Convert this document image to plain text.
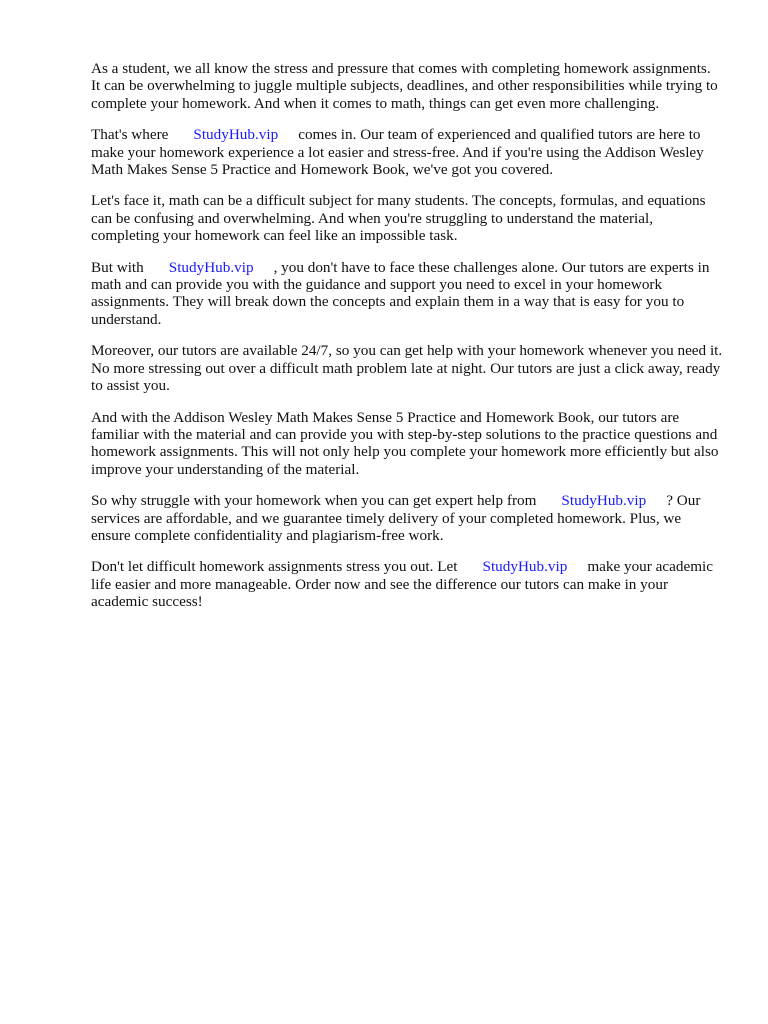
As a student, we all know the stress and pressure that comes with completing homework assignments. It can be overwhelming to juggle multiple subjects, deadlines, and other responsibilities while trying to complete your homework. And when it comes to math, things can get even more challenging.

That's where StudyHub.vip comes in. Our team of experienced and qualified tutors are here to make your homework experience a lot easier and stress-free. And if you're using the Addison Wesley Math Makes Sense 5 Practice and Homework Book, we've got you covered.

Let's face it, math can be a difficult subject for many students. The concepts, formulas, and equations can be confusing and overwhelming. And when you're struggling to understand the material, completing your homework can feel like an impossible task.

But with StudyHub.vip , you don't have to face these challenges alone. Our tutors are experts in math and can provide you with the guidance and support you need to excel in your homework assignments. They will break down the concepts and explain them in a way that is easy for you to understand.

Moreover, our tutors are available 24/7, so you can get help with your homework whenever you need it. No more stressing out over a difficult math problem late at night. Our tutors are just a click away, ready to assist you.

And with the Addison Wesley Math Makes Sense 5 Practice and Homework Book, our tutors are familiar with the material and can provide you with step-by-step solutions to the practice questions and homework assignments. This will not only help you complete your homework more efficiently but also improve your understanding of the material.

So why struggle with your homework when you can get expert help from StudyHub.vip ? Our services are affordable, and we guarantee timely delivery of your completed homework. Plus, we ensure complete confidentiality and plagiarism-free work.

Don't let difficult homework assignments stress you out. Let StudyHub.vip make your academic life easier and more manageable. Order now and see the difference our tutors can make in your academic success!
